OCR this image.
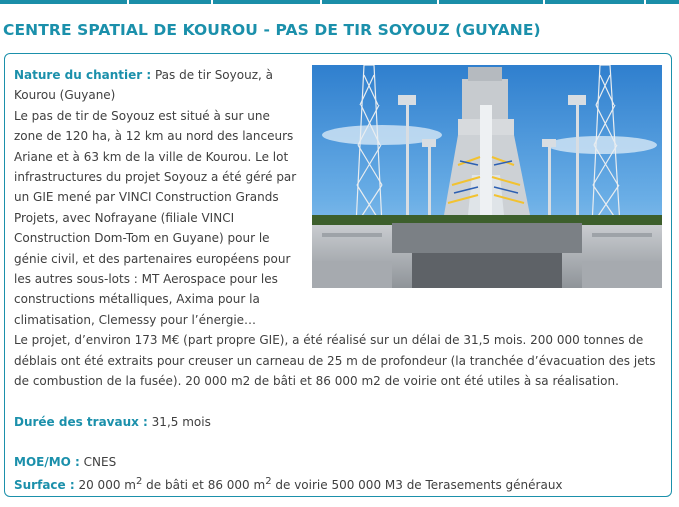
CENTRE SPATIAL DE KOUROU - PAS DE TIR SOYOUZ (GUYANE)

Nature du chantier : Pas de tir Soyouz, à Kourou (Guyane)

Le pas de tir de Soyouz est situé à sur une zone de 120 ha, à 12 km au nord des lanceurs Ariane et à 63 km de la ville de Kourou. Le lot infrastructures du projet Soyouz a été géré par un GIE mené par VINCI Construction Grands Projets, avec Nofrayane (filiale VINCI Construction Dom-Tom en Guyane) pour le génie civil, et des partenaires européens pour les autres sous-lots : MT Aerospace pour les constructions métalliques, Axima pour la climatisation, Clemessy pour l’énergie…

Le projet, d’environ 173 M€ (part propre GIE), a été réalisé sur un délai de 31,5 mois. 200 000 tonnes de déblais ont été extraits pour creuser un carneau de 25 m de profondeur (la tranchée d’évacuation des jets de combustion de la fusée). 20 000 m2 de bâti et 86 000 m2 de voirie ont été utiles à sa réalisation.

Durée des travaux : 31,5 mois

MOE/MO : CNES

Surface : 20 000 $m^2$ de bâti et 86 000 $m^2$ de voirie 500 000 M3 de Terasements généraux
